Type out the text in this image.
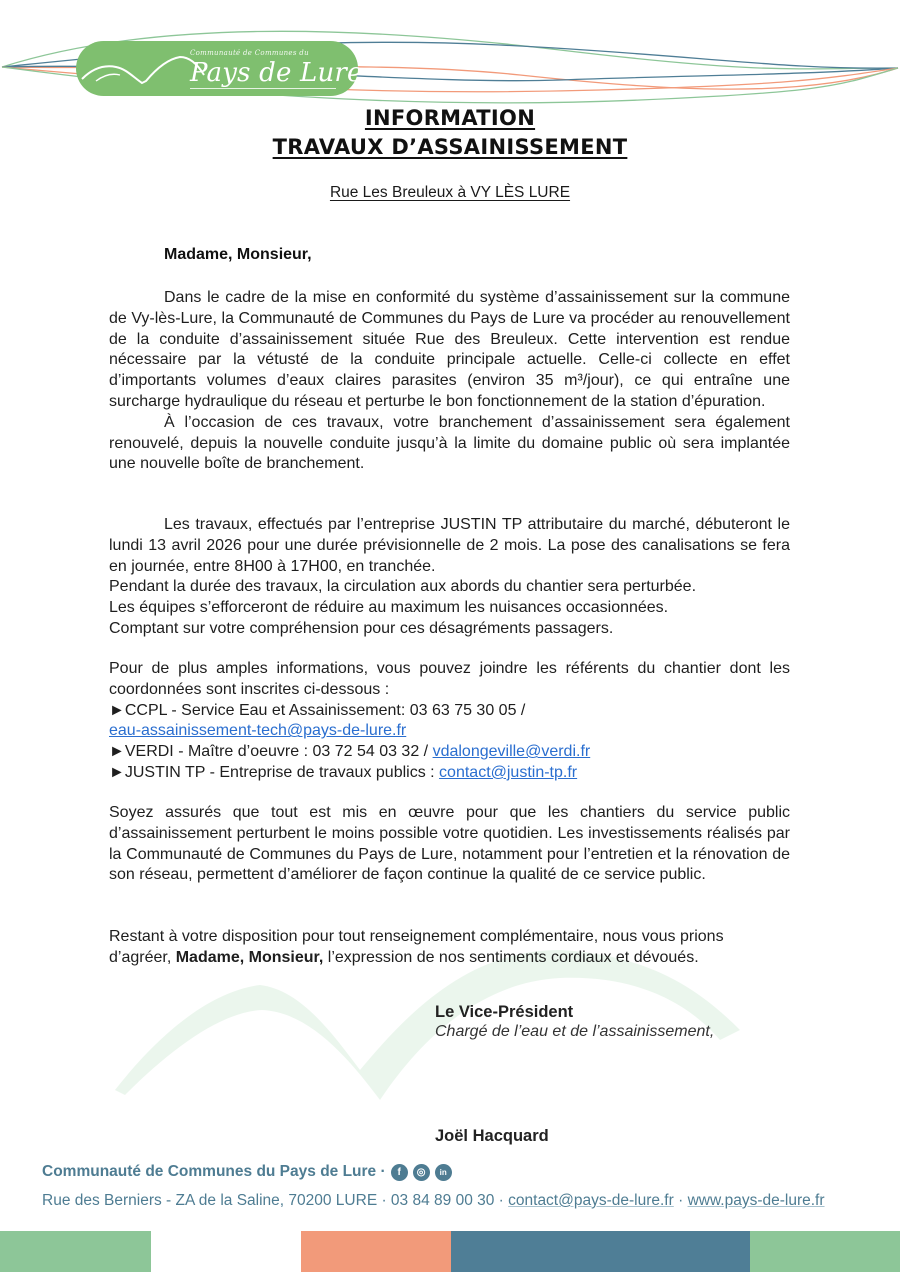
Communauté de Communes du
Pays de Lure
INFORMATION
TRAVAUX D’ASSAINISSEMENT
Rue Les Breuleux à VY LÈS LURE
Madame, Monsieur,

Dans le cadre de la mise en conformité du système d’assainissement sur la commune de Vy-lès-Lure, la Communauté de Communes du Pays de Lure va procéder au renouvellement de la conduite d’assainissement située Rue des Breuleux. Cette intervention est rendue nécessaire par la vétusté de la conduite principale actuelle. Celle-ci collecte en effet d’importants volumes d’eaux claires parasites (environ 35 m³/jour), ce qui entraîne une surcharge hydraulique du réseau et perturbe le bon fonctionnement de la station d’épuration.

À l’occasion de ces travaux, votre branchement d’assainissement sera également renouvelé, depuis la nouvelle conduite jusqu’à la limite du domaine public où sera implantée une nouvelle boîte de branchement.

Les travaux, effectués par l’entreprise JUSTIN TP attributaire du marché, débuteront le lundi 13 avril 2026 pour une durée prévisionnelle de 2 mois. La pose des canalisations se fera en journée, entre 8H00 à 17H00, en tranchée.

Pendant la durée des travaux, la circulation aux abords du chantier sera perturbée.

Les équipes s’efforceront de réduire au maximum les nuisances occasionnées.

Comptant sur votre compréhension pour ces désagréments passagers.

Pour de plus amples informations, vous pouvez joindre les référents du chantier dont les coordonnées sont inscrites ci-dessous :

►CCPL - Service Eau et Assainissement: 03 63 75 30 05 /
eau-assainissement-tech@pays-de-lure.fr

►VERDI - Maître d’oeuvre : 03 72 54 03 32 / vdalongeville@verdi.fr

►JUSTIN TP - Entreprise de travaux publics : contact@justin-tp.fr

Soyez assurés que tout est mis en œuvre pour que les chantiers du service public d’assainissement perturbent le moins possible votre quotidien. Les investissements réalisés par la Communauté de Communes du Pays de Lure, notamment pour l’entretien et la rénovation de son réseau, permettent d’améliorer de façon continue la qualité de ce service public.

Restant à votre disposition pour tout renseignement complémentaire, nous vous prions d’agréer, Madame, Monsieur, l’expression de nos sentiments cordiaux et dévoués.

Le Vice-Président
Chargé de l’eau et de l’assainissement,
Joël Hacquard
Communauté de Communes du Pays de Lure ·	f	◎	in
Rue des Berniers - ZA de la Saline, 70200 LURE · 03 84 89 00 30 · contact@pays-de-lure.fr · www.pays-de-lure.fr
